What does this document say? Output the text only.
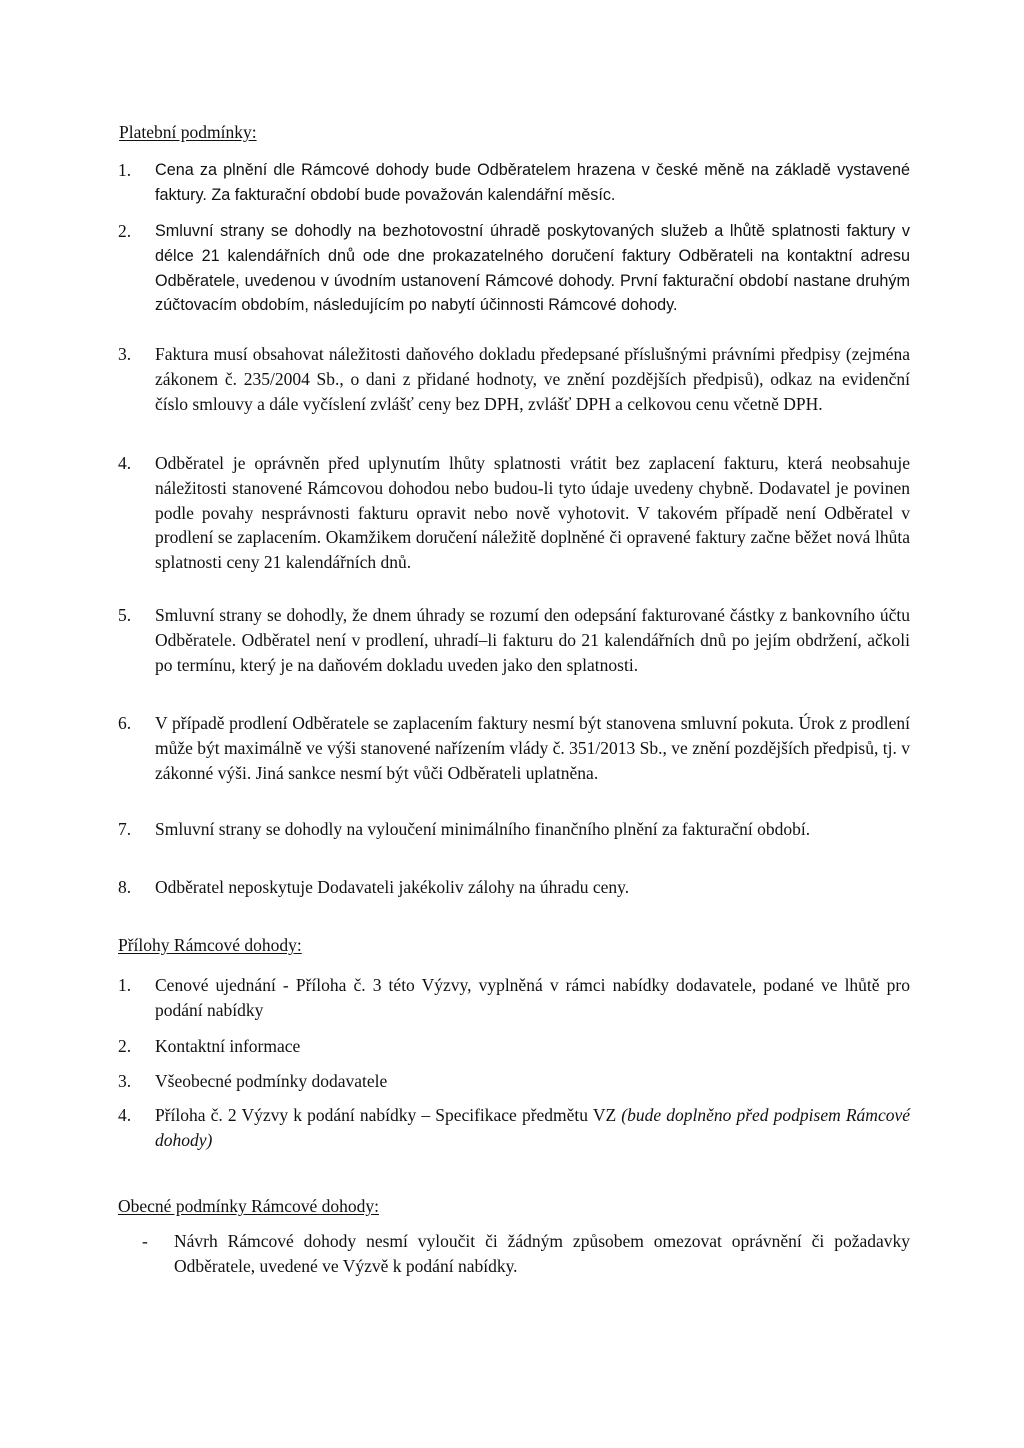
Platební podmínky:
1. Cena za plnění dle Rámcové dohody bude Odběratelem hrazena v české měně na základě vystavené faktury. Za fakturační období bude považován kalendářní měsíc.
2. Smluvní strany se dohodly na bezhotovostní úhradě poskytovaných služeb a lhůtě splatnosti faktury v délce 21 kalendářních dnů ode dne prokazatelného doručení faktury Odběrateli na kontaktní adresu Odběratele, uvedenou v úvodním ustanovení Rámcové dohody. První fakturační období nastane druhým zúčtovacím obdobím, následujícím po nabytí účinnosti Rámcové dohody.
3. Faktura musí obsahovat náležitosti daňového dokladu předepsané příslušnými právními předpisy (zejména zákonem č. 235/2004 Sb., o dani z přidané hodnoty, ve znění pozdějších předpisů), odkaz na evidenční číslo smlouvy a dále vyčíslení zvlášť ceny bez DPH, zvlášť DPH a celkovou cenu včetně DPH.
4. Odběratel je oprávněn před uplynutím lhůty splatnosti vrátit bez zaplacení fakturu, která neobsahuje náležitosti stanovené Rámcovou dohodou nebo budou-li tyto údaje uvedeny chybně. Dodavatel je povinen podle povahy nesprávnosti fakturu opravit nebo nově vyhotovit. V takovém případě není Odběratel v prodlení se zaplacením. Okamžikem doručení náležitě doplněné či opravené faktury začne běžet nová lhůta splatnosti ceny 21 kalendářních dnů.
5. Smluvní strany se dohodly, že dnem úhrady se rozumí den odepsání fakturované částky z bankovního účtu Odběratele. Odběratel není v prodlení, uhradí–li fakturu do 21 kalendářních dnů po jejím obdržení, ačkoli po termínu, který je na daňovém dokladu uveden jako den splatnosti.
6. V případě prodlení Odběratele se zaplacením faktury nesmí být stanovena smluvní pokuta. Úrok z prodlení může být maximálně ve výši stanovené nařízením vlády č. 351/2013 Sb., ve znění pozdějších předpisů, tj. v zákonné výši. Jiná sankce nesmí být vůči Odběrateli uplatněna.
7. Smluvní strany se dohodly na vyloučení minimálního finančního plnění za fakturační období.
8. Odběratel neposkytuje Dodavateli jakékoliv zálohy na úhradu ceny.
Přílohy Rámcové dohody:
1. Cenové ujednání - Příloha č. 3 této Výzvy, vyplněná v rámci nabídky dodavatele, podané ve lhůtě pro podání nabídky
2. Kontaktní informace
3. Všeobecné podmínky dodavatele
4. Příloha č. 2 Výzvy k podání nabídky – Specifikace předmětu VZ (bude doplněno před podpisem Rámcové dohody)
Obecné podmínky Rámcové dohody:
- Návrh Rámcové dohody nesmí vyloučit či žádným způsobem omezovat oprávnění či požadavky Odběratele, uvedené ve Výzvě k podání nabídky.
